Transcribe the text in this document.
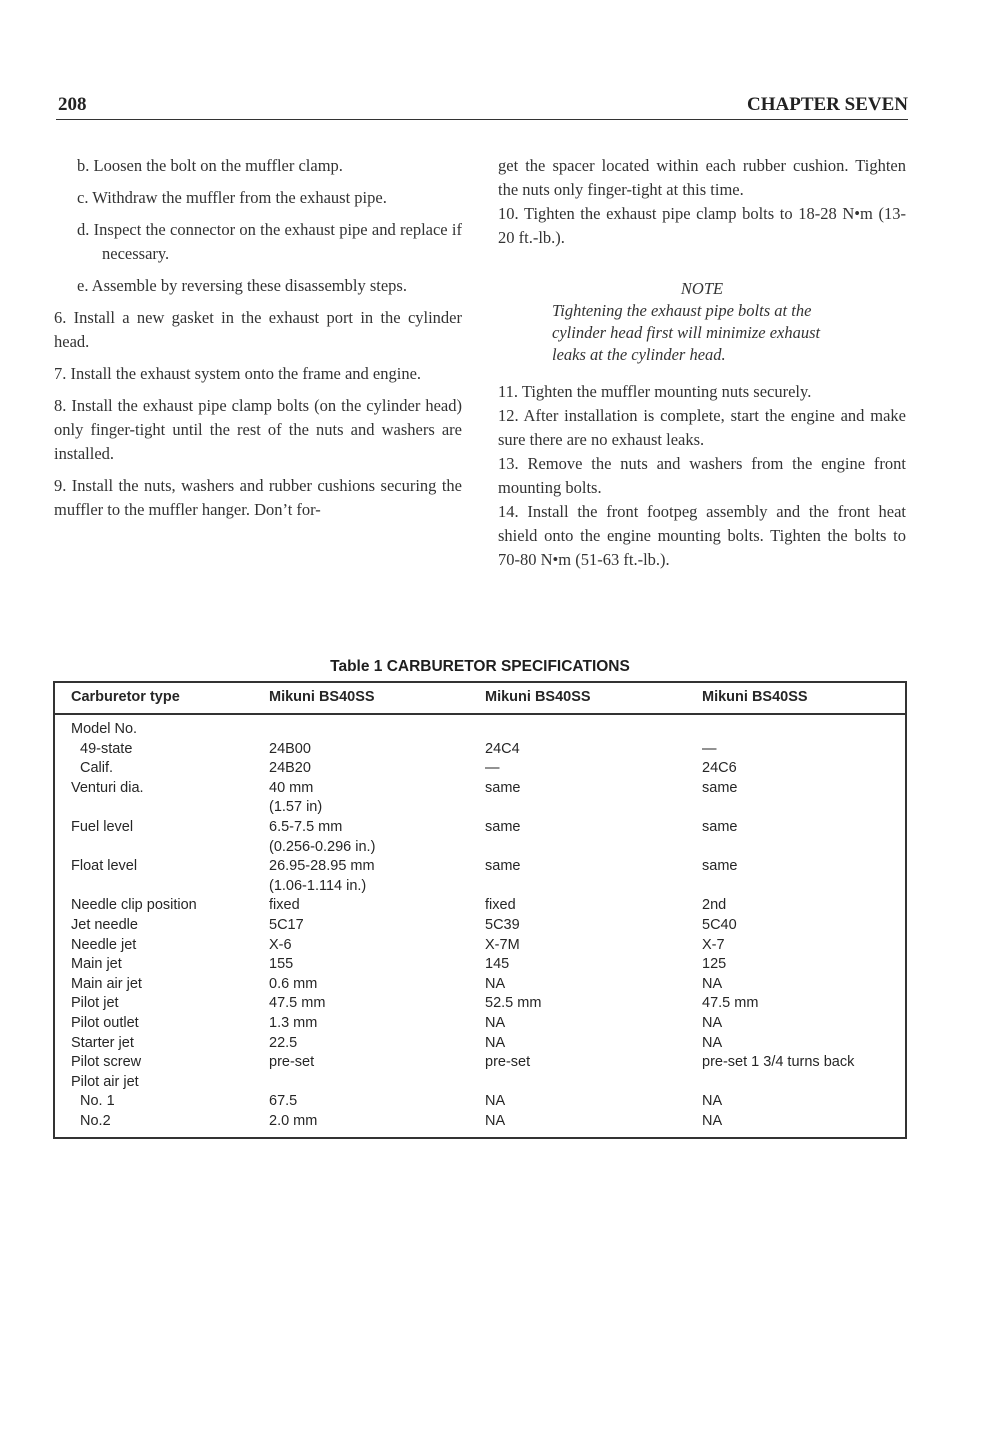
208	CHAPTER SEVEN

b. Loosen the bolt on the muffler clamp.

c. Withdraw the muffler from the exhaust pipe.

d. Inspect the connector on the exhaust pipe and replace if necessary.

e. Assemble by reversing these disassembly steps.

6. Install a new gasket in the exhaust port in the cylinder head.

7. Install the exhaust system onto the frame and engine.

8. Install the exhaust pipe clamp bolts (on the cylinder head) only finger-tight until the rest of the nuts and washers are installed.

9. Install the nuts, washers and rubber cushions securing the muffler to the muffler hanger. Don’t for-

get the spacer located within each rubber cushion. Tighten the nuts only finger-tight at this time.

10. Tighten the exhaust pipe clamp bolts to 18-28 N•m (13-20 ft.-lb.).

NOTE
Tightening the exhaust pipe bolts at the cylinder head first will minimize exhaust leaks at the cylinder head.

11. Tighten the muffler mounting nuts securely.

12. After installation is complete, start the engine and make sure there are no exhaust leaks.

13. Remove the nuts and washers from the engine front mounting bolts.

14. Install the front footpeg assembly and the front heat shield onto the engine mounting bolts. Tighten the bolts to 70-80 N•m (51-63 ft.-lb.).

Table 1 CARBURETOR SPECIFICATIONS
Carburetor type	Mikuni BS40SS	Mikuni BS40SS	Mikuni BS40SS
Model No.
49-state	24B00	24C4	—
Calif.	24B20	—	24C6
Venturi dia.	40 mm	same	same
(1.57 in)
Fuel level	6.5-7.5 mm	same	same
(0.256-0.296 in.)
Float level	26.95-28.95 mm	same	same
(1.06-1.114 in.)
Needle clip position	fixed	fixed	2nd
Jet needle	5C17	5C39	5C40
Needle jet	X-6	X-7M	X-7
Main jet	155	145	125
Main air jet	0.6 mm	NA	NA
Pilot jet	47.5 mm	52.5 mm	47.5 mm
Pilot outlet	1.3 mm	NA	NA
Starter jet	22.5	NA	NA
Pilot screw	pre-set	pre-set	pre-set 1 3/4 turns back
Pilot air jet
No. 1	67.5	NA	NA
No.2	2.0 mm	NA	NA
